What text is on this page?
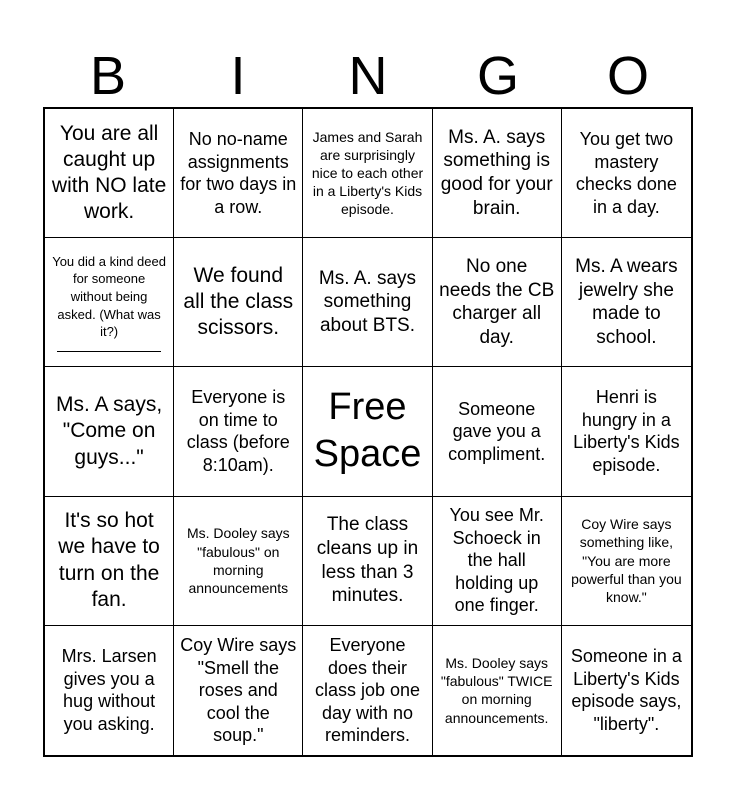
B	I	N	G	O
You are all caught up with NO late work.
No no-name assignments for two days in a row.
James and Sarah are surprisingly nice to each other in a Liberty's Kids episode.
Ms. A. says something is good for your brain.
You get two mastery checks done in a day.
You did a kind deed for someone without being asked. (What was it?)
We found all the class scissors.
Ms. A. says something about BTS.
No one needs the CB charger all day.
Ms. A wears jewelry she made to school.
Ms. A says, "Come on guys..."
Everyone is on time to class (before 8:10am).
Free Space
Someone gave you a compliment.
Henri is hungry in a Liberty's Kids episode.
It's so hot we have to turn on the fan.
Ms. Dooley says "fabulous" on morning announcements
The class cleans up in less than 3 minutes.
You see Mr. Schoeck in the hall holding up one finger.
Coy Wire says something like, "You are more powerful than you know."
Mrs. Larsen gives you a hug without you asking.
Coy Wire says "Smell the roses and cool the soup."
Everyone does their class job one day with no reminders.
Ms. Dooley says "fabulous" TWICE on morning announcements.
Someone in a Liberty's Kids episode says, "liberty".
